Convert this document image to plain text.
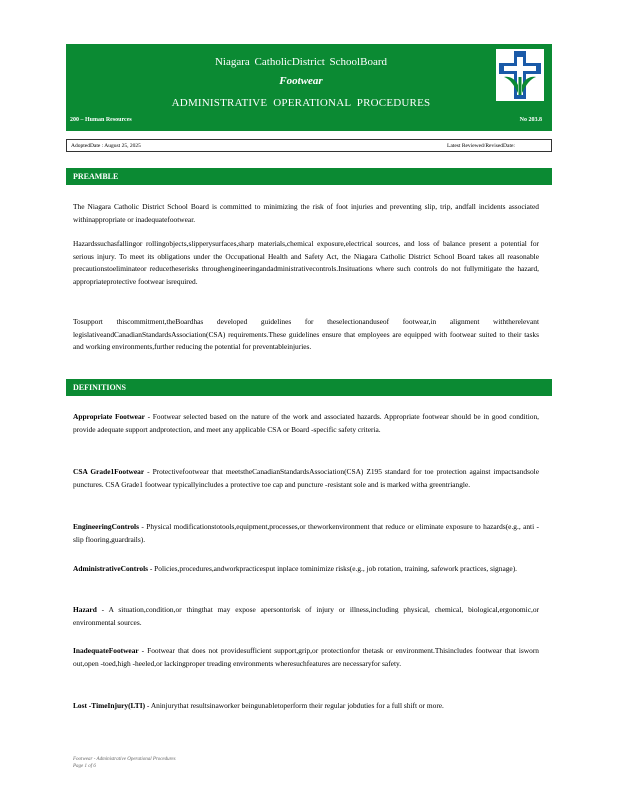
Niagara CatholicDistrict SchoolBoard
Footwear
ADMINISTRATIVE OPERATIONAL PROCEDURES
200 – Human Resources	No 203.8
AdoptedDate : August 25, 2025	Latest Reviewed/RevisedDate:
PREAMBLE
The Niagara Catholic District School Board is committed to minimizing the risk of foot injuries and preventing slip, trip, andfall incidents associated withinappropriate or inadequatefootwear.
Hazardssuchasfallingor rollingobjects,slipperysurfaces,sharp materials,chemical exposure,electrical sources, and loss of balance present a potential for serious injury. To meet its obligations under the Occupational Health and Safety Act, the Niagara Catholic District School Board takes all reasonable precautionstoeliminateor reducetheserisks throughengineeringandadministrativecontrols.Insituations where such controls do not fullymitigate the hazard, appropriateprotective footwear isrequired.
Tosupport thiscommitment,theBoardhas developed guidelines for theselectionanduseof footwear,in alignment withtherelevant legislativeandCanadianStandardsAssociation(CSA) requirements.These guidelines ensure that employees are equipped with footwear suited to their tasks and working environments,further reducing the potential for preventableinjuries.
DEFINITIONS
Appropriate Footwear - Footwear selected based on the nature of the work and associated hazards. Appropriate footwear should be in good condition, provide adequate support andprotection, and meet any applicable CSA or Board -specific safety criteria.
CSA Grade1Footwear - Protectivefootwear that meetstheCanadianStandardsAssociation(CSA) Z195 standard for toe protection against impactsandsole punctures. CSA Grade1 footwear typicallyincludes a protective toe cap and puncture -resistant sole and is marked witha greentriangle.
EngineeringControls - Physical modificationstotools,equipment,processes,or theworkenvironment that reduce or eliminate exposure to hazards(e.g., anti -slip flooring,guardrails).
AdministrativeControls - Policies,procedures,andworkpracticesput inplace tominimize risks(e.g., job rotation, training, safework practices, signage).
Hazard - A situation,condition,or thingthat may expose apersontorisk of injury or illness,including physical, chemical, biological,ergonomic,or environmental sources.
InadequateFootwear - Footwear that does not providesufficient support,grip,or protectionfor thetask or environment.Thisincludes footwear that isworn out,open -toed,high -heeled,or lackingproper treading environments wheresuchfeatures are necessaryfor safety.
Lost -TimeInjury(LTI) - Aninjurythat resultsinaworker beingunabletoperform their regular jobduties for a full shift or more.
Footwear - Administrative Operational Procedures
Page 1 of 6
